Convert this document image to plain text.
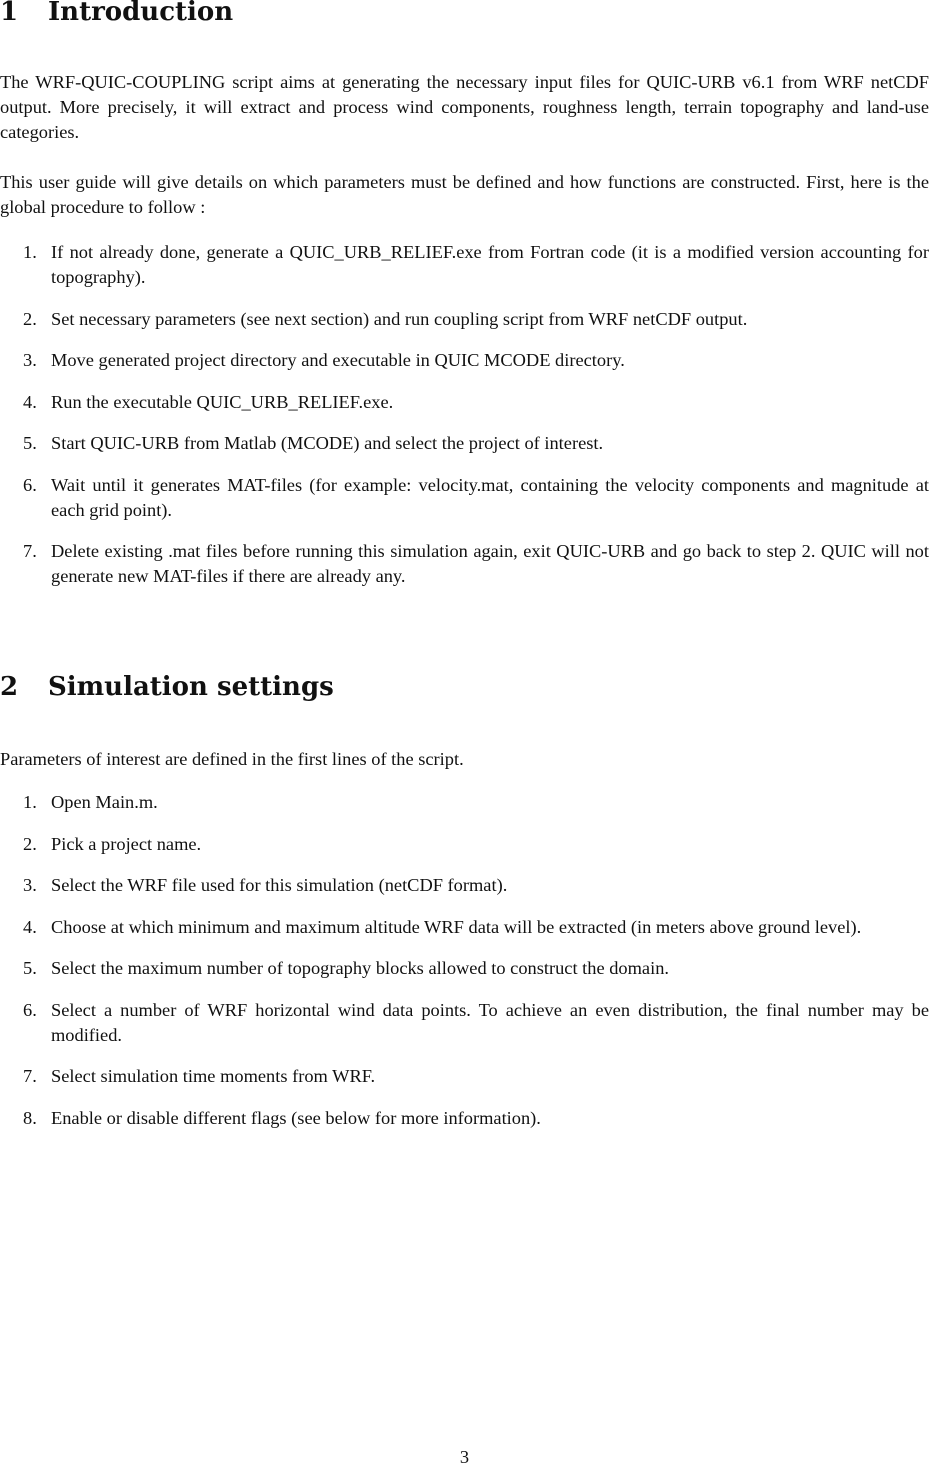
1 Introduction

The WRF-QUIC-COUPLING script aims at generating the necessary input files for QUIC-URB v6.1 from WRF netCDF output. More precisely, it will extract and process wind components, roughness length, terrain topography and land-use categories.

This user guide will give details on which parameters must be defined and how functions are constructed. First, here is the global procedure to follow :

1. If not already done, generate a QUIC_URB_RELIEF.exe from Fortran code (it is a modified version accounting for topography).
2. Set necessary parameters (see next section) and run coupling script from WRF netCDF output.
3. Move generated project directory and executable in QUIC MCODE directory.
4. Run the executable QUIC_URB_RELIEF.exe.
5. Start QUIC-URB from Matlab (MCODE) and select the project of interest.
6. Wait until it generates MAT-files (for example: velocity.mat, containing the velocity components and magnitude at each grid point).
7. Delete existing .mat files before running this simulation again, exit QUIC-URB and go back to step 2. QUIC will not generate new MAT-files if there are already any.
2 Simulation settings

Parameters of interest are defined in the first lines of the script.

1. Open Main.m.
2. Pick a project name.
3. Select the WRF file used for this simulation (netCDF format).
4. Choose at which minimum and maximum altitude WRF data will be extracted (in meters above ground level).
5. Select the maximum number of topography blocks allowed to construct the domain.
6. Select a number of WRF horizontal wind data points. To achieve an even distribution, the final number may be modified.
7. Select simulation time moments from WRF.
8. Enable or disable different flags (see below for more information).
3
